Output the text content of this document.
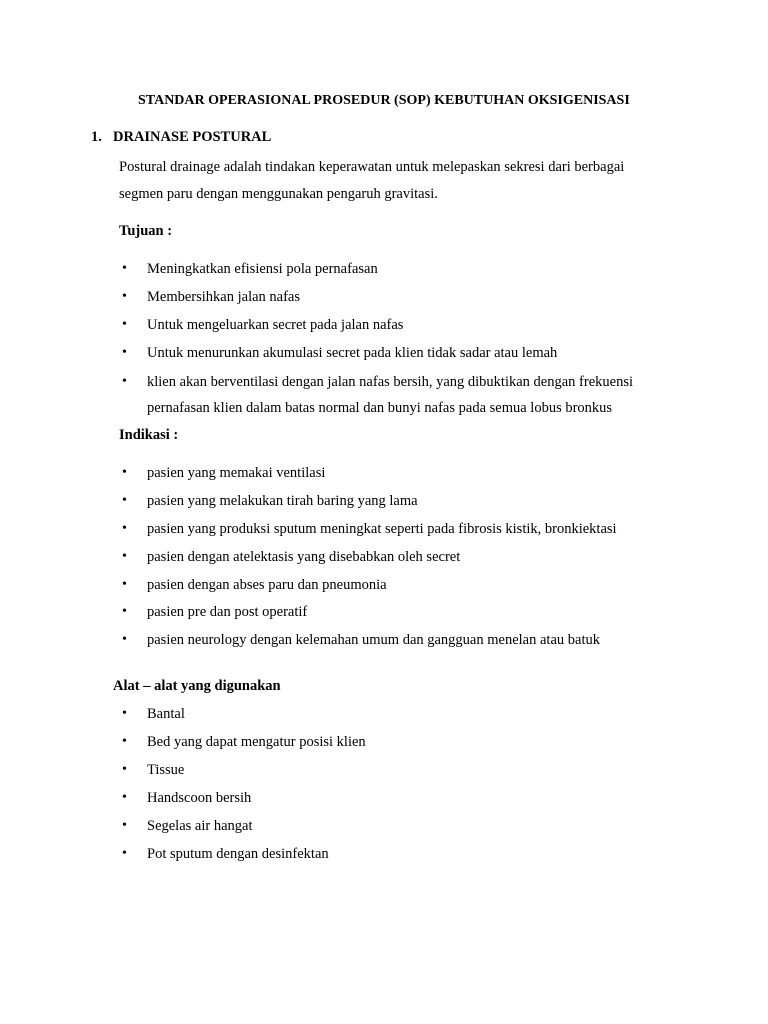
STANDAR OPERASIONAL PROSEDUR (SOP) KEBUTUHAN OKSIGENISASI
1. DRAINASE POSTURAL
Postural drainage adalah tindakan keperawatan untuk melepaskan sekresi dari berbagai
segmen paru dengan menggunakan pengaruh gravitasi.
Tujuan :
• Meningkatkan efisiensi pola pernafasan
• Membersihkan jalan nafas
• Untuk mengeluarkan secret pada jalan nafas
• Untuk menurunkan akumulasi secret pada klien tidak sadar atau lemah
• klien akan berventilasi dengan jalan nafas bersih, yang dibuktikan dengan frekuensi
pernafasan klien dalam batas normal dan bunyi nafas pada semua lobus bronkus
Indikasi :
• pasien yang memakai ventilasi
• pasien yang melakukan tirah baring yang lama
• pasien yang produksi sputum meningkat seperti pada fibrosis kistik, bronkiektasi
• pasien dengan atelektasis yang disebabkan oleh secret
• pasien dengan abses paru dan pneumonia
• pasien pre dan post operatif
• pasien neurology dengan kelemahan umum dan gangguan menelan atau batuk
Alat – alat yang digunakan
• Bantal
• Bed yang dapat mengatur posisi klien
• Tissue
• Handscoon bersih
• Segelas air hangat
• Pot sputum dengan desinfektan
